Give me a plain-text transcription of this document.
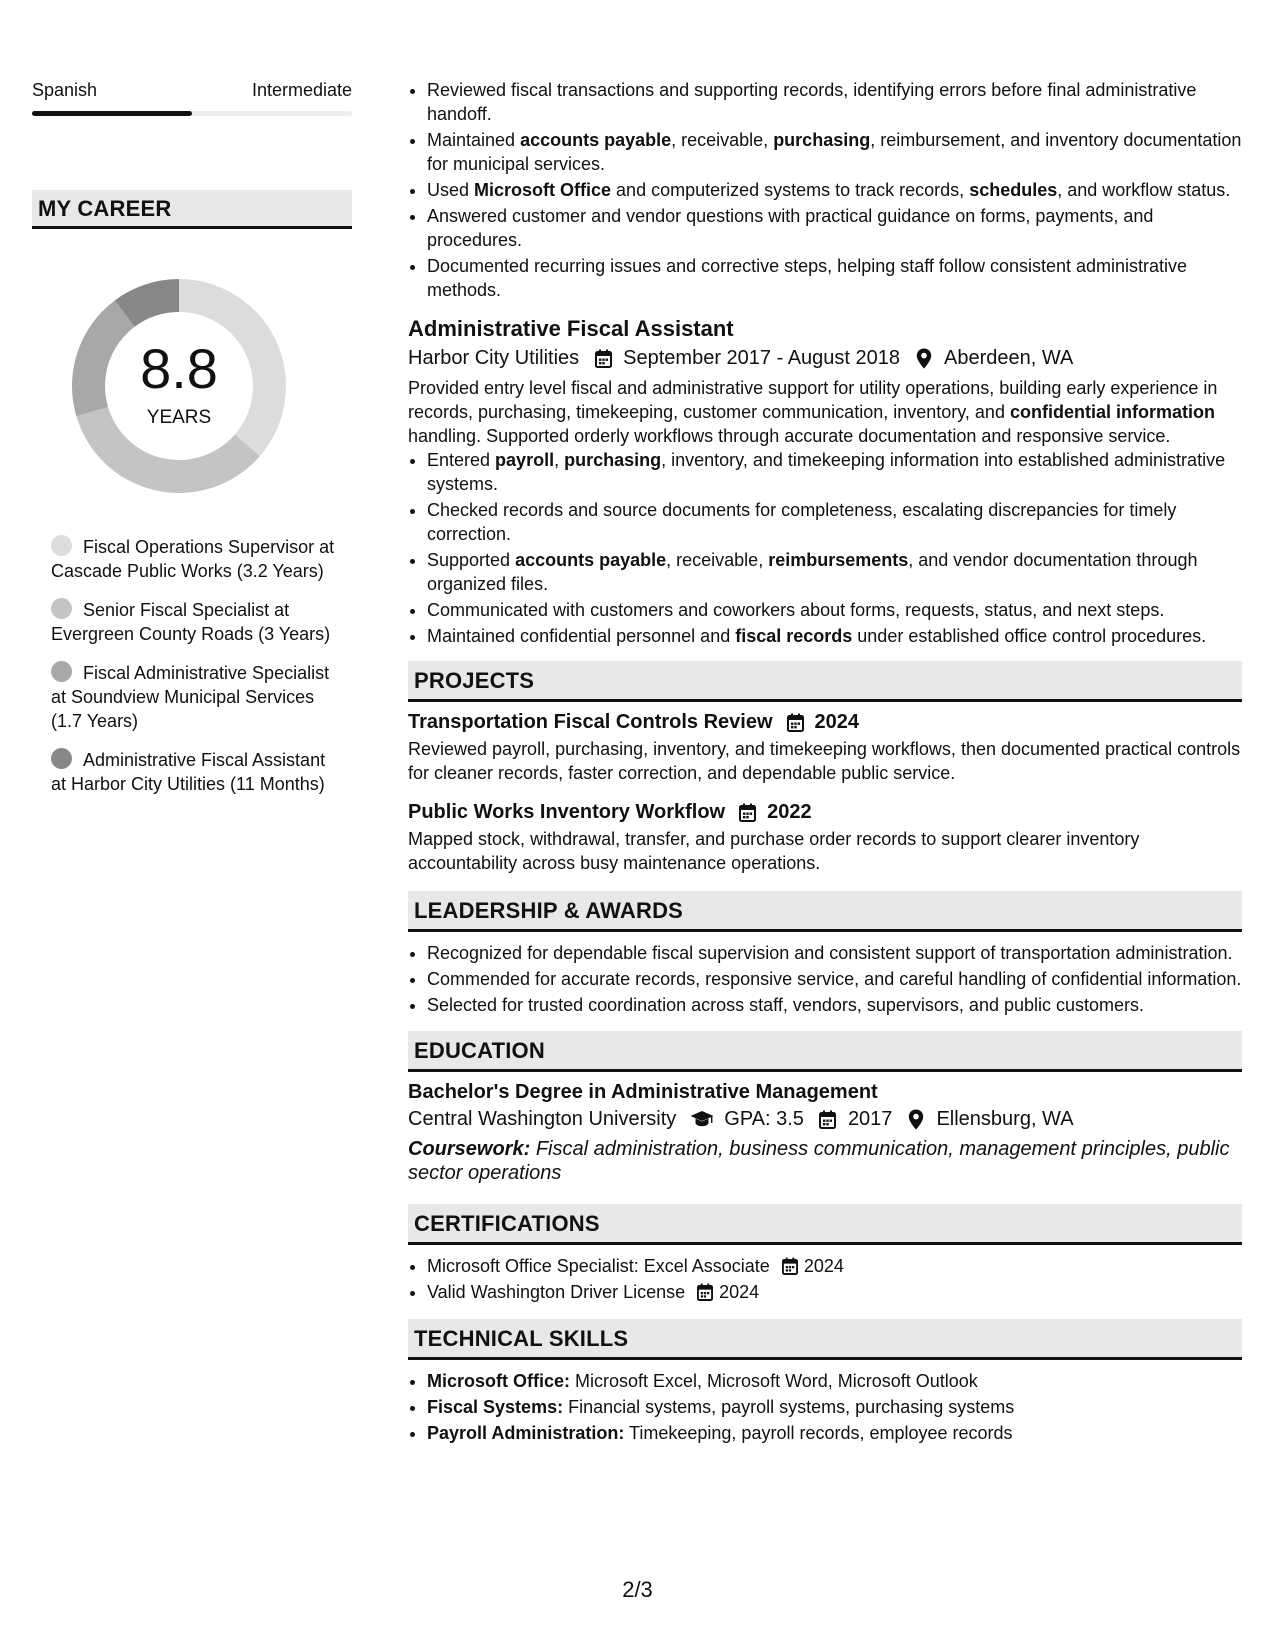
Spanish	Intermediate
MY CAREER
8.8
YEARS
Fiscal Operations Supervisor at Cascade Public Works (3.2 Years)
Senior Fiscal Specialist at Evergreen County Roads (3 Years)
Fiscal Administrative Specialist at Soundview Municipal Services (1.7 Years)
Administrative Fiscal Assistant at Harbor City Utilities (11 Months)
• Reviewed fiscal transactions and supporting records, identifying errors before final administrative handoff.
• Maintained accounts payable, receivable, purchasing, reimbursement, and inventory documentation for municipal services.
• Used Microsoft Office and computerized systems to track records, schedules, and workflow status.
• Answered customer and vendor questions with practical guidance on forms, payments, and procedures.
• Documented recurring issues and corrective steps, helping staff follow consistent administrative methods.
Administrative Fiscal Assistant
Harbor City Utilities September 2017 - August 2018 Aberdeen, WA
Provided entry level fiscal and administrative support for utility operations, building early experience in records, purchasing, timekeeping, customer communication, inventory, and confidential information handling. Supported orderly workflows through accurate documentation and responsive service.
• Entered payroll, purchasing, inventory, and timekeeping information into established administrative systems.
• Checked records and source documents for completeness, escalating discrepancies for timely correction.
• Supported accounts payable, receivable, reimbursements, and vendor documentation through organized files.
• Communicated with customers and coworkers about forms, requests, status, and next steps.
• Maintained confidential personnel and fiscal records under established office control procedures.
PROJECTS
Transportation Fiscal Controls Review 2024
Reviewed payroll, purchasing, inventory, and timekeeping workflows, then documented practical controls for cleaner records, faster correction, and dependable public service.
Public Works Inventory Workflow 2022
Mapped stock, withdrawal, transfer, and purchase order records to support clearer inventory accountability across busy maintenance operations.
LEADERSHIP & AWARDS
• Recognized for dependable fiscal supervision and consistent support of transportation administration.
• Commended for accurate records, responsive service, and careful handling of confidential information.
• Selected for trusted coordination across staff, vendors, supervisors, and public customers.
EDUCATION
Bachelor's Degree in Administrative Management
Central Washington University GPA: 3.5 2017 Ellensburg, WA
Coursework: Fiscal administration, business communication, management principles, public sector operations
CERTIFICATIONS
• Microsoft Office Specialist: Excel Associate 2024
• Valid Washington Driver License 2024
TECHNICAL SKILLS
• Microsoft Office: Microsoft Excel, Microsoft Word, Microsoft Outlook
• Fiscal Systems: Financial systems, payroll systems, purchasing systems
• Payroll Administration: Timekeeping, payroll records, employee records
2/3
